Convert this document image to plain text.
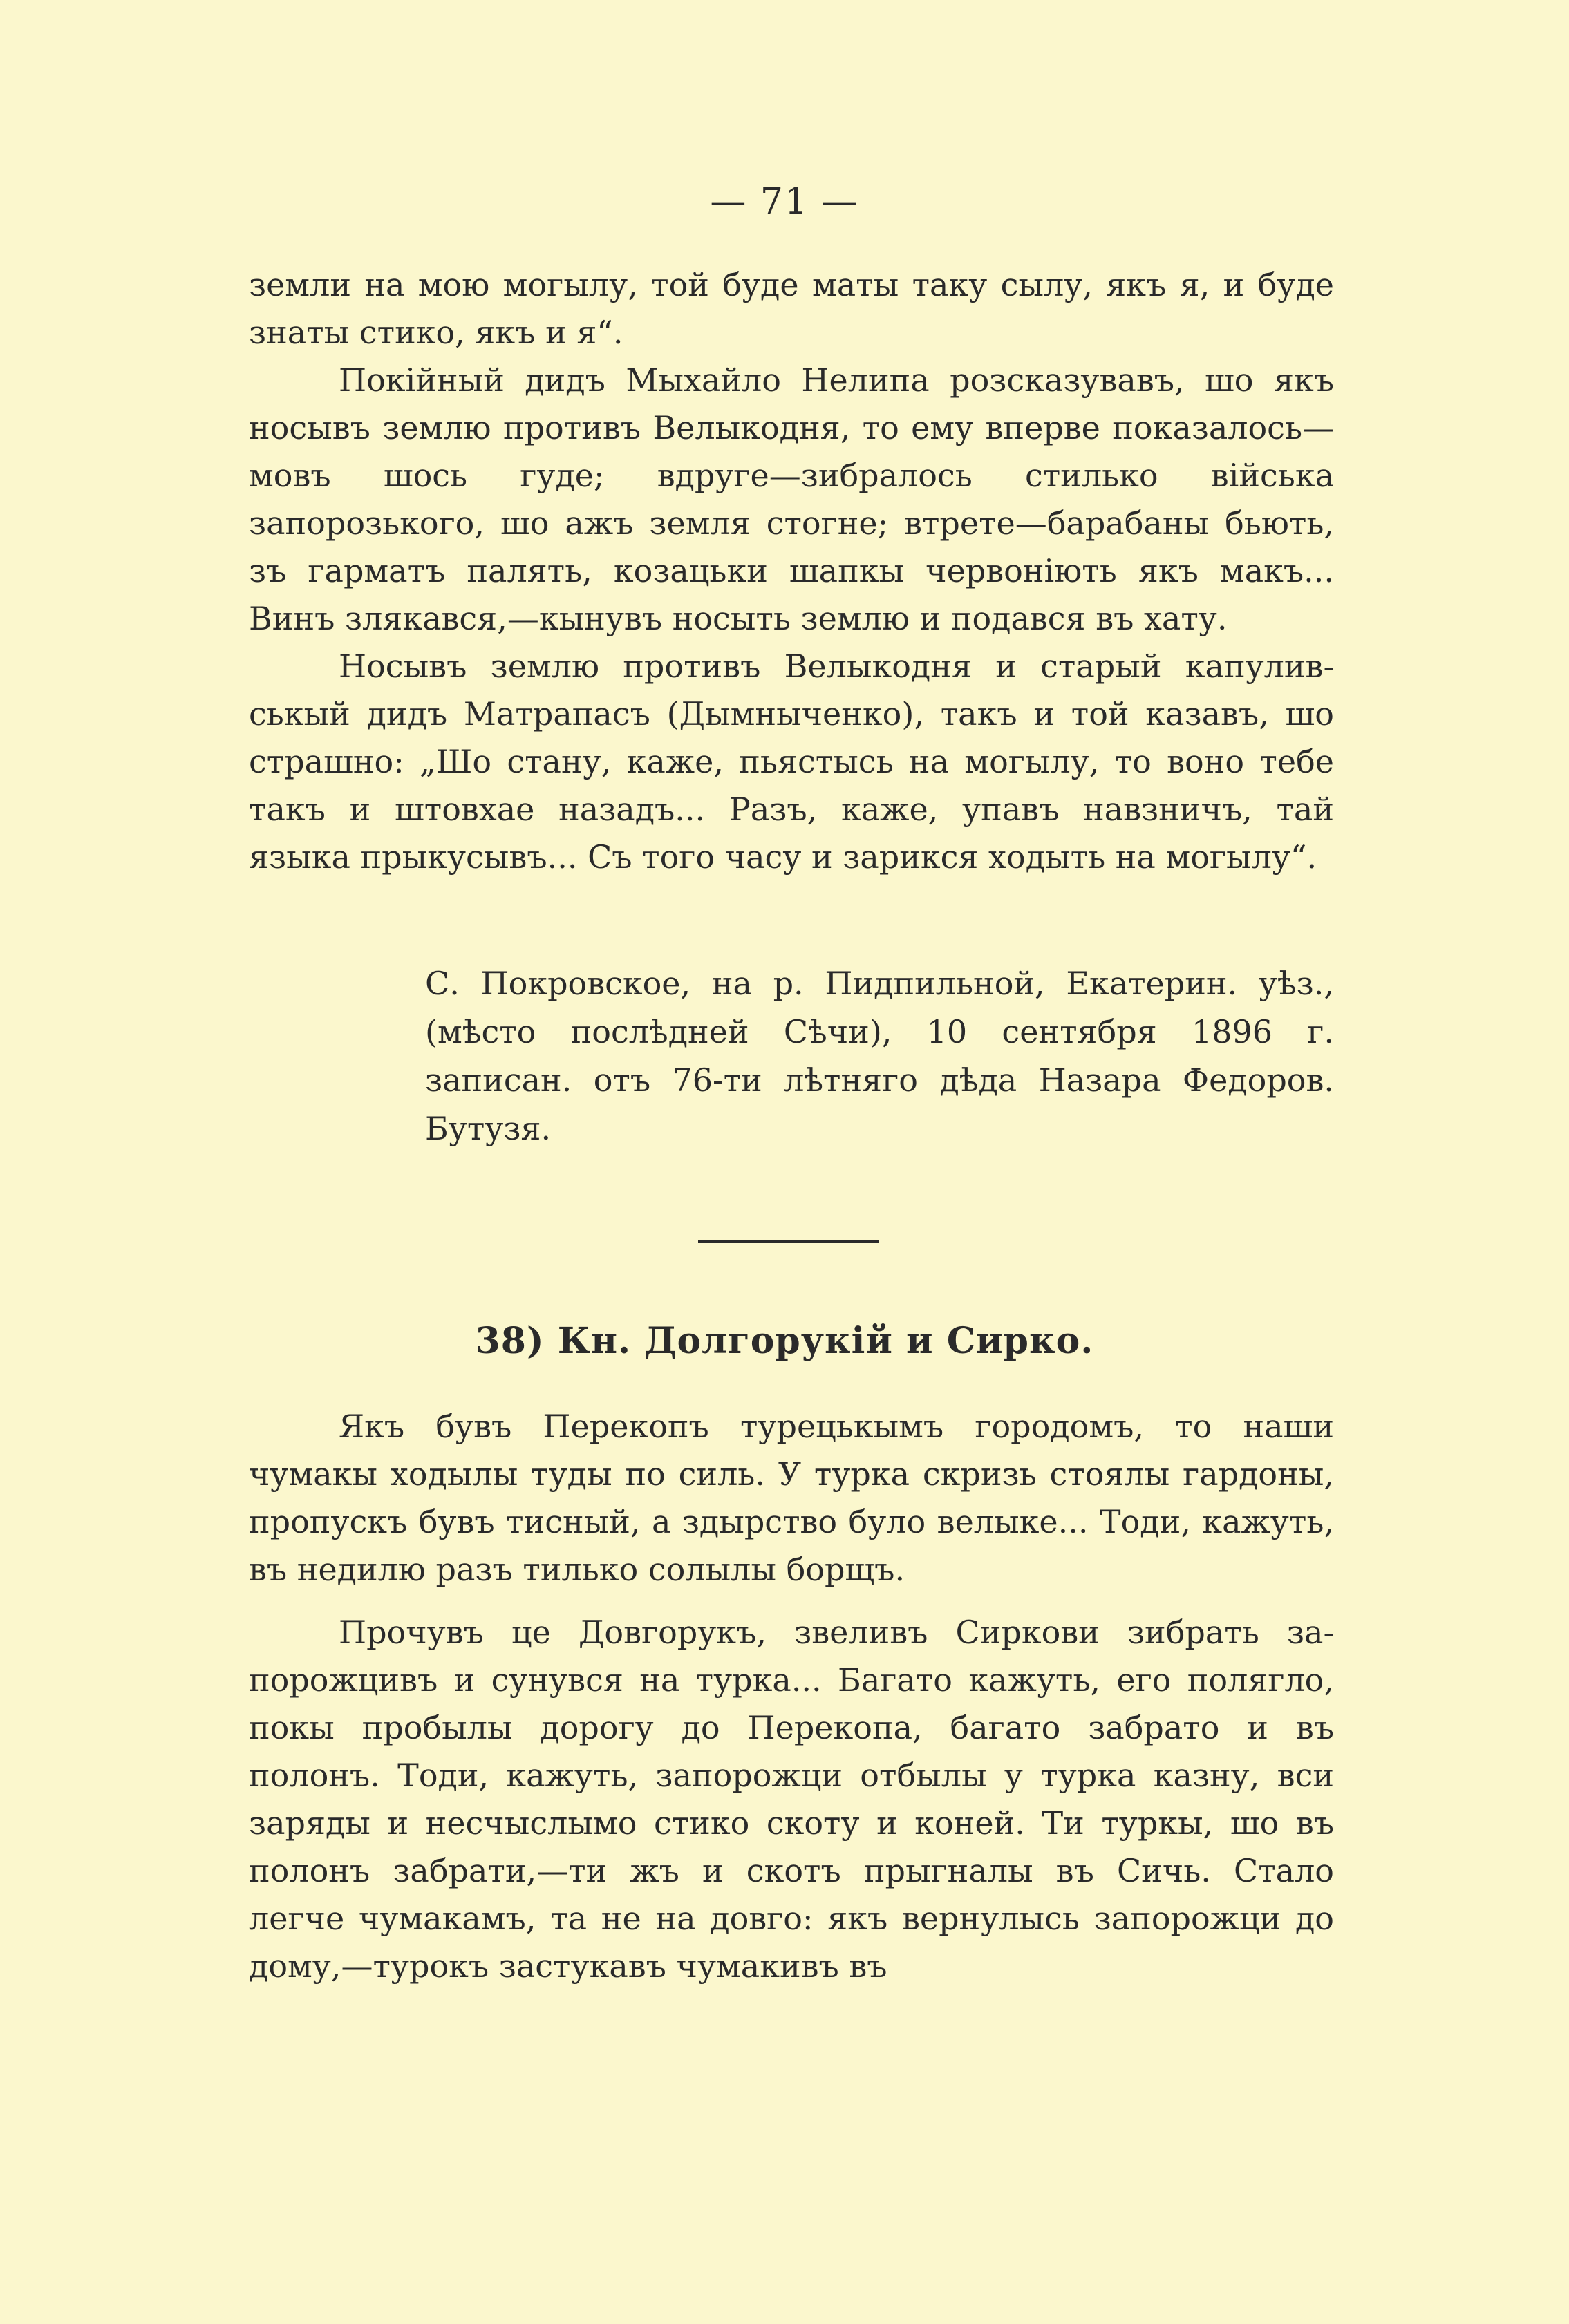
— 71 —

земли на мою могылу, той буде маты таку сылу, якъ я, и буде знаты стико, якъ и я“.

Покiйный дидъ Мыхайло Нелипа розсказувавъ, шо якъ носывъ землю противъ Велыкодня, то ему вперве показалось—мовъ шось гуде; вдруге—зибралось стилько вiйська запорозького, шо ажъ земля стогне; втрете—барабаны бьють, зъ гарматъ палять, козацьки шапкы червонiють якъ макъ... Винъ злякався,—кынувъ носыть землю и подався въ хату.

Носывъ землю противъ Велыкодня и старый капуливськый дидъ Матрапасъ (Дымныченко), такъ и той казавъ, шо страшно: „Шо стану, каже, пьястысь на могылу, то воно тебе такъ и штовхае назадъ... Разъ, каже, упавъ навзничъ, тай языка прыкусывъ... Съ того часу и зарикся ходыть на могылу“.

С. Покровское, на р. Пидпильной, Екатерин. уѣз., (мѣсто послѣдней Сѣчи), 10 сентября 1896 г. записан. отъ 76-ти лѣтняго дѣда Назара Федоров. Бутузя.

38) Кн. Долгорукiй и Сирко.

Якъ бувъ Перекопъ турецькымъ городомъ, то наши чумакы ходылы туды по силь. У турка скризь стоялы гардоны, пропускъ бувъ тисный, а здырство було велыке... Тоди, кажуть, въ недилю разъ тилько солылы борщъ.

Прочувъ це Довгорукъ, звеливъ Сиркови зибрать запорожцивъ и сунувся на турка... Багато кажуть, его полягло, покы пробылы дорогу до Перекопа, багато забрато и въ полонъ. Тоди, кажуть, запорожци отбылы у турка казну, вси заряды и несчыслымо стико скоту и коней. Ти туркы, шо въ полонъ забрати,—ти жъ и скотъ прыгналы въ Сичь. Стало легче чумакамъ, та не на довго: якъ вернулысь запорожци до дому,—турокъ застукавъ чумакивъ въ
